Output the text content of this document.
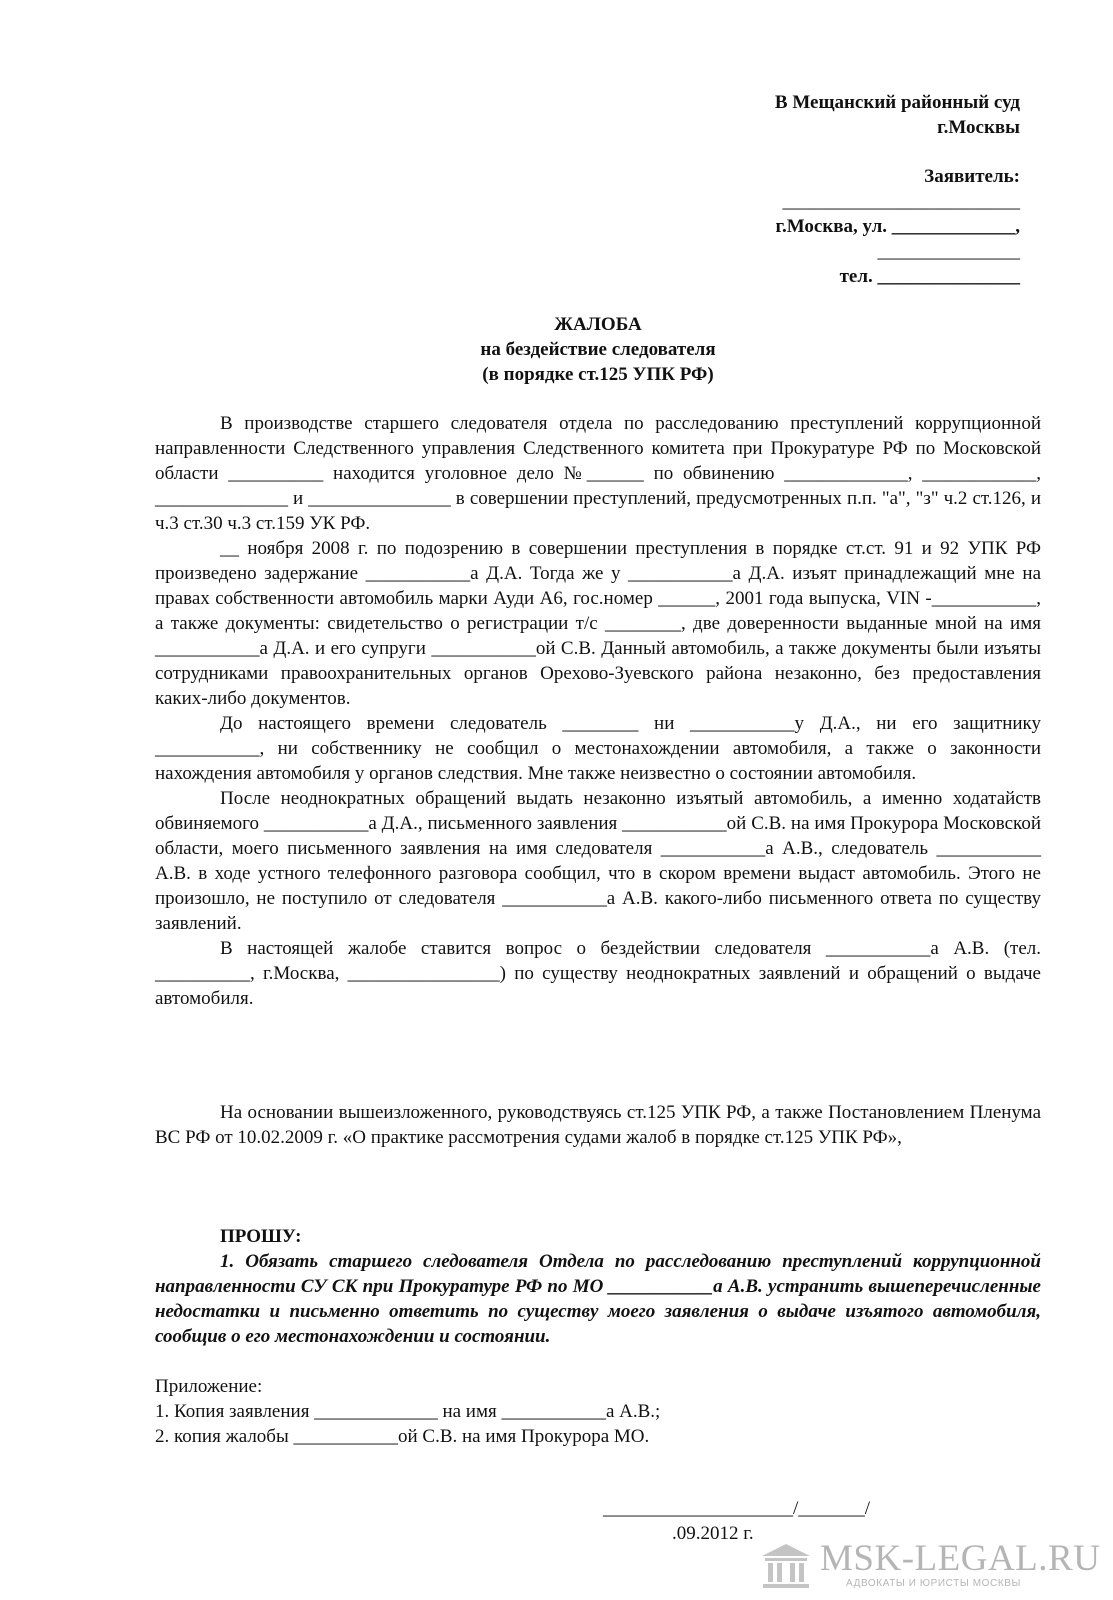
В Мещанский районный суд
г.Москвы
Заявитель:
_________________________
г.Москва, ул. _____________,
_______________
тел. _______________
ЖАЛОБА
на бездействие следователя
(в порядке ст.125 УПК РФ)

В производстве старшего следователя отдела по расследованию преступлений коррупционной направленности Следственного управления Следственного комитета при Прокуратуре РФ по Московской области __________ находится уголовное дело №______ по обвинению _____________, ____________, ______________ и _______________ в совершении преступлений, предусмотренных п.п. "а", "з" ч.2 ст.126, и ч.3 ст.30 ч.3 ст.159 УК РФ.

__ ноября 2008 г. по подозрению в совершении преступления в порядке ст.ст. 91 и 92 УПК РФ произведено задержание ___________а Д.А. Тогда же у ___________а Д.А. изъят принадлежащий мне на правах собственности автомобиль марки Ауди А6, гос.номер ______, 2001 года выпуска, VIN -___________, а также документы: свидетельство о регистрации т/с ________, две доверенности выданные мной на имя ___________а Д.А. и его супруги ___________ой С.В. Данный автомобиль, а также документы были изъяты сотрудниками правоохранительных органов Орехово-Зуевского района незаконно, без предоставления каких-либо документов.

До настоящего времени следователь ________ ни ___________у Д.А., ни его защитнику ___________, ни собственнику не сообщил о местонахождении автомобиля, а также о законности нахождения автомобиля у органов следствия. Мне также неизвестно о состоянии автомобиля.

После неоднократных обращений выдать незаконно изъятый автомобиль, а именно ходатайств обвиняемого ___________а Д.А., письменного заявления ___________ой С.В. на имя Прокурора Московской области, моего письменного заявления на имя следователя ___________а А.В., следователь ___________ А.В. в ходе устного телефонного разговора сообщил, что в скором времени выдаст автомобиль. Этого не произошло, не поступило от следователя ___________а А.В. какого-либо письменного ответа по существу заявлений.

В настоящей жалобе ставится вопрос о бездействии следователя ___________а А.В. (тел. __________, г.Москва, ________________) по существу неоднократных заявлений и обращений о выдаче автомобиля.

На основании вышеизложенного, руководствуясь ст.125 УПК РФ, а также Постановлением Пленума ВС РФ от 10.02.2009 г. «О практике рассмотрения судами жалоб в порядке ст.125 УПК РФ»,

ПРОШУ:

1. Обязать старшего следователя Отдела по расследованию преступлений коррупционной направленности СУ СК при Прокуратуре РФ по МО ___________а А.В. устранить вышеперечисленные недостатки и письменно ответить по существу моего заявления о выдаче изъятого автомобиля, сообщив о его местонахождении и состоянии.

Приложение:
1. Копия заявления _____________ на имя ___________а А.В.;
2. копия жалобы ___________ой С.В. на имя Прокурора МО.
____________________/_______/
.09.2012 г.
MSK-LEGAL.RU
АДВОКАТЫ И ЮРИСТЫ МОСКВЫ
